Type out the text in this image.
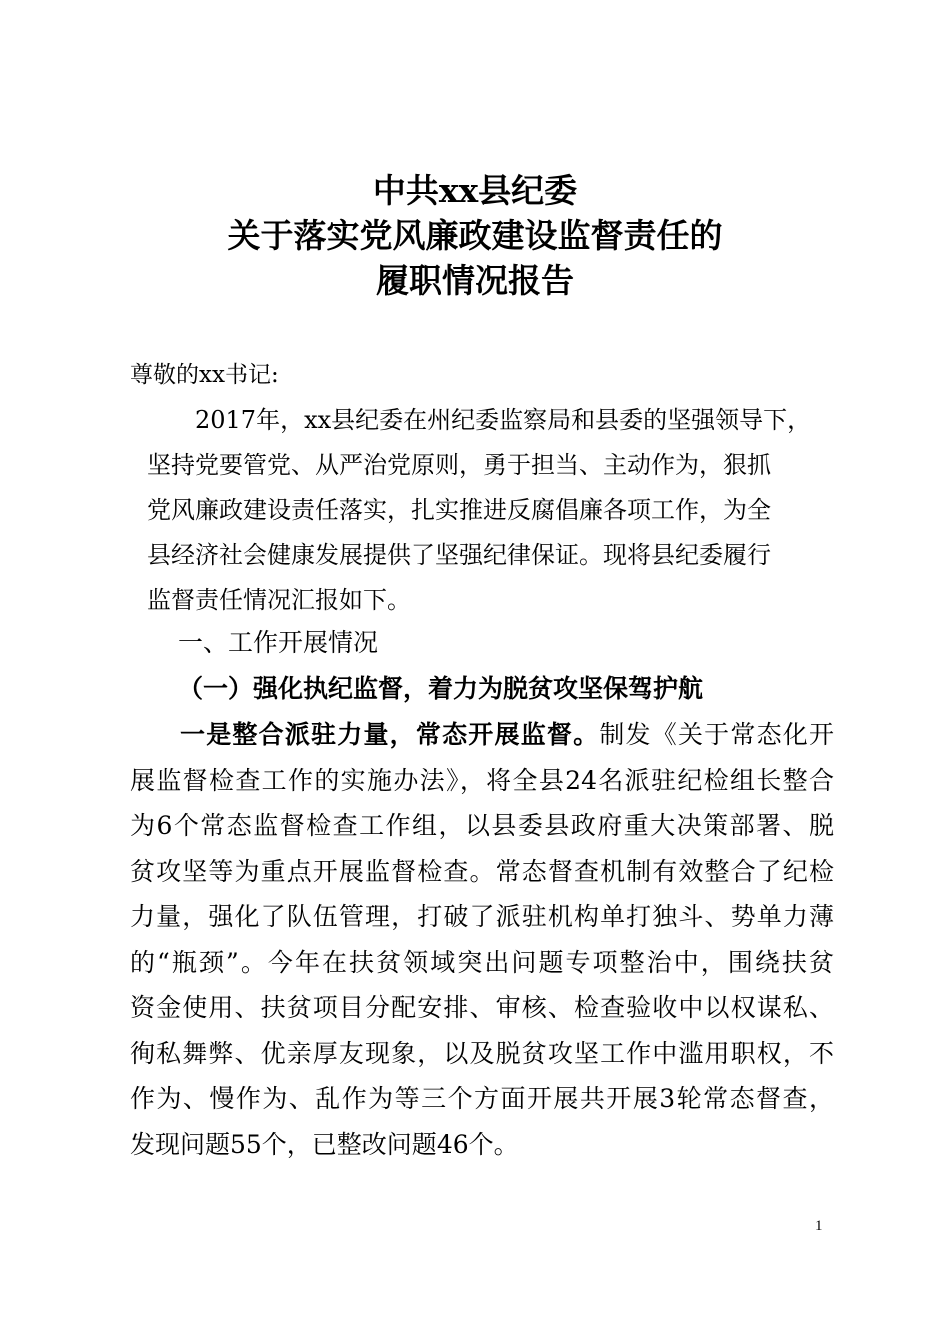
中共xx县纪委
关于落实党风廉政建设监督责任的
履职情况报告
尊敬的xx书记:
2017年，xx县纪委在州纪委监察局和县委的坚强领导下，
坚持党要管党、从严治党原则，勇于担当、主动作为，狠抓
党风廉政建设责任落实，扎实推进反腐倡廉各项工作，为全
县经济社会健康发展提供了坚强纪律保证。现将县纪委履行
监督责任情况汇报如下。
一、工作开展情况
（一）强化执纪监督，着力为脱贫攻坚保驾护航
一是整合派驻力量，常态开展监督。制发《关于常态化开
展监督检查工作的实施办法》，将全县24名派驻纪检组长整合
为6个常态监督检查工作组，以县委县政府重大决策部署、脱
贫攻坚等为重点开展监督检查。常态督查机制有效整合了纪检
力量，强化了队伍管理，打破了派驻机构单打独斗、势单力薄
的“瓶颈”。今年在扶贫领域突出问题专项整治中，围绕扶贫
资金使用、扶贫项目分配安排、审核、检查验收中以权谋私、
徇私舞弊、优亲厚友现象，以及脱贫攻坚工作中滥用职权，不
作为、慢作为、乱作为等三个方面开展共开展3轮常态督查，
发现问题55个，已整改问题46个。
1
